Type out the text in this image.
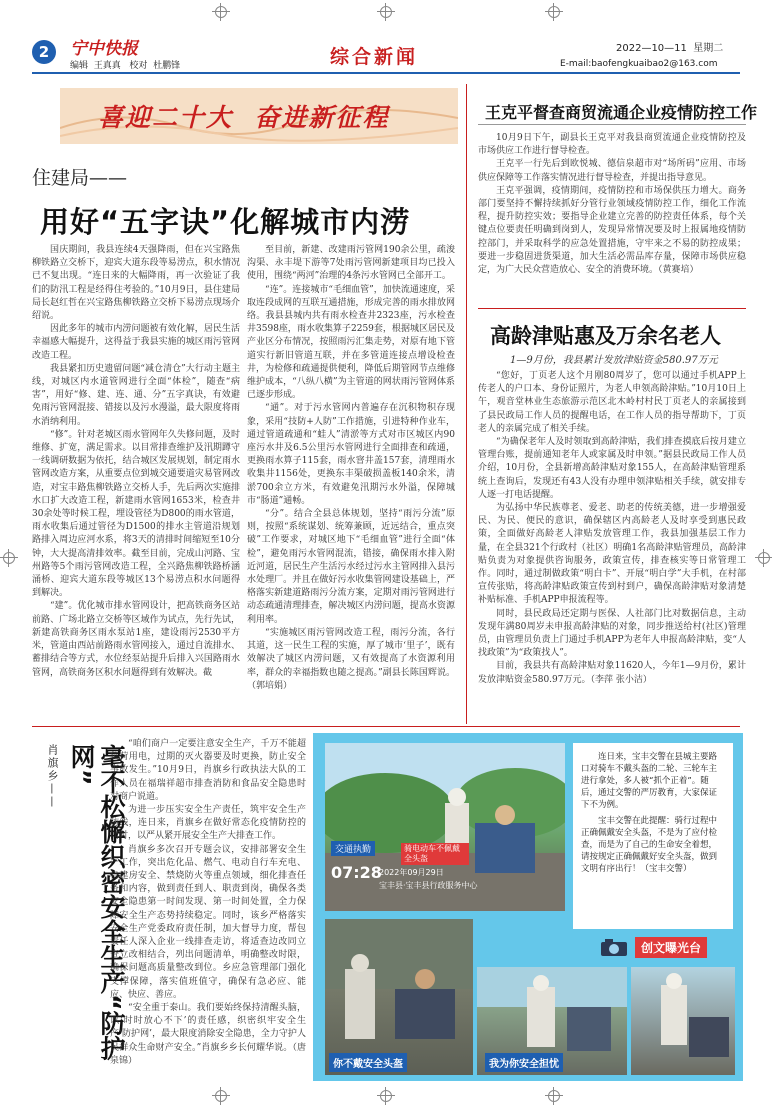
2	宁中快报
编辑 王真真 校对 杜鹏锋	综合新闻	2022—10—11 星期二
E-mail:baofengkuaibao2@163.com
喜迎二十大  奋进新征程
住建局——
用好“五字诀”化解城市内涝

国庆期间，我县连续4天强降雨，但在兴宝路焦柳铁路立交桥下，迎宾大道东段等易涝点，积水情况已不复出现。“连日来的大幅降雨，再一次验证了我们的防汛工程是经得住考验的。”10月9日，县住建局局长赵红哲在兴宝路焦柳铁路立交桥下易涝点现场介绍说。

因此多年的城市内涝问题被有效化解，居民生活幸福感大幅提升，这得益于我县实施的城区雨污管网改造工程。

我县紧扣历史遗留问题“减仓清仓”大行动主题主线，对城区内水道管网进行全面“体检”，随查“病害”，用好“修、建、连、通、分”五字真诀，有效避免雨污管网混接、错接以及污水漫溢，最大限度将雨水消纳利用。

“修”。针对老城区雨水管网年久失修问题，及时维修、扩宽，满足需求。以目常排查维护及汛期蹲守一线调研数据为依托，结合城区发展规划，制定雨水管网改造方案，从重要点位到城交通要道灾易管网改造，对宝丰路焦柳铁路立交桥人手，先后两次实施排水口扩大改造工程，新建雨水管网1653米，检查井30余处等时候工程，埋设管径为D800的雨水管道，雨水收集后通过管径为D1500的排水主管道沿规划路排入周边应河水系，将3天的清排时间缩短至10分钟，大大提高清排效率。截至目前，完成山河路、宝州路等5个雨污管网改造工程，全兴路焦柳铁路桥涵涌桥、迎宾大道东段等城区13个易涝点积水问题得到解决。

“建”。优化城市排水管网设计，把高铁商务区站前路、广场北路立交桥等区域作为试点，先行先试，新建高铁商务区雨水泵站1座，建设雨污2530平方米，管道由西站前路雨水管网接入，通过自流排水、蓄排结合等方式，水位经泵站提升后排入兴国路雨水管网，高铁商务区积水问题得到有效解决。截

至目前，新建、改建雨污管网190余公里，疏浚沟渠、永丰堤下游等7处雨污管网新建项目均已投入使用，围绕“两河”治理的4条污水管网已全部开工。

“连”。连接城市“毛细血管”，加快流通速度，采取连段成网的互联互通措施，形成完善的雨水排放网络。我县县城内共有雨水检查井2323座，污水检查井3598座，雨水收集算子2259套，根据城区居民及产业区分布情况，按照雨污汇集走势，对原有地下管道实行新旧管道互联，并在多管道连接点增设检查井，为检修和疏通提供便利，降低后期管网节点维修维护成本，“八纵八横”为主管道的网状雨污管网体系已逐步形成。

“通”。对于污水管网内普遍存在沉积物积存现象，采用“技防+人防”工作措施，引进特种作业车，通过管道疏通和“蛙人”清淤等方式对市区城区内90座污水井及6.5公里污水管网进行全面排查和疏通，更换雨水算子115套，雨水窨井盖157套，清理雨水收集井1156处，更换东丰渠破损盖板140余米，清淤700余立方米，有效避免汛期污水外溢，保障城市“肠道”通畅。

“分”。结合全县总体规划，坚持“雨污分流”原则，按照“系统谋划、统筹兼顾，近远结合，重点突破”工作要求，对城区地下“毛细血管”进行全面“体检”，避免雨污水管网混流，错接，确保雨水排入附近河道，居民生产生活污水经过污水主管网排入县污水处理厂。并且在做好污水收集管网建设基础上，严格落实新建道路雨污分流方案，定期对雨污管网进行动态疏通清理排查，解决城区内涝问题，提高水资源利用率。

“实施城区雨污管网改造工程，雨污分流，各行其道，这一民生工程的实施，厚了城市‘里子’，既有效解决了城区内涝问题，又有效提高了水资源利用率，群众的幸福指数也随之提高。”副县长陈国辉说。（郭培娟）

王克平督查商贸流通企业疫情防控工作

10月9日下午，副县长王克平对我县商贸流通企业疫情防控及市场供应工作进行督导检查。

王克平一行先后到欧悦城、德信泉超市对“场所码”应用、市场供应保障等工作落实情况进行督导检查，并提出指导意见。

王克平强调，疫情期间，疫情防控和市场保供压力增大。商务部门要坚持不懈持续抓好分管行业领域疫情防控工作，细化工作流程，提升防控实效；要指导企业建立完善的防控责任体系，每个关键点位要责任明确到岗到人，发现异常情况要及时上报属地疫情防控部门，并采取科学的应急处置措施，守牢来之不易的防控成果；要进一步稳固进货渠道，加大生活必需品库存量，保障市场供应稳定，为广大民众营造放心、安全的消费环境。（黄赛培）

高龄津贴惠及万余名老人
1—9月份，我县累计发放津贴资金580.97万元

“您好，丁页老人这个月刚80周岁了，您可以通过手机APP上传老人的户口本、身份证照片，为老人申领高龄津贴。”10月10日上午，观音堂林业生态旅游示范区北木岭村村民丁页老人的亲属接到了县民政局工作人员的提醒电话，在工作人员的指导帮助下，丁页老人的亲属完成了相关手续。

“为确保老年人及时领取到高龄津贴，我们排查摸底后按月建立管理台账，提前通知老年人或家属及时申领。”据县民政局工作人员介绍，10月份，全县新增高龄津贴对象155人，在高龄津贴管理系统上查询后，发现还有43人没有办理申领津贴相关手续，就安排专人逐一打电话提醒。

为弘扬中华民族尊老、爱老、助老的传统美德，进一步增强爱民、为民、便民的意识，确保辖区内高龄老人及时享受到惠民政策，全面做好高龄老人津贴发放管理工作，我县加强基层工作力量，在全县321个行政村（社区）明确1名高龄津贴管理员，高龄津贴负责为对象提供咨询服务，政策宣传，排查核实等日常管理工作。同时，通过制做政策“明白卡”、开展“明白学”大手机，在村部宣传张贴，将高龄津贴政策宣传到村到户，确保高龄津贴对象清楚补贴标准、手机APP申报流程等。

同时，县民政局还定期与医保、人社部门比对数据信息，主动发现年满80周岁未申报高龄津贴的对象，同步推送给村(社区)管理员，由管理员负责上门通过手机APP为老年人申报高龄津贴，变“人找政策”为“政策找人”。

目前，我县共有高龄津贴对象11620人，今年1—9月份，累计发放津贴资金580.97万元。（李萍 张小洁）

肖旗乡——	毫不松懈织密安全生产“防护网”	“咱们商户一定要注意安全生产，千万不能超负荷用电，过期的灭火器要及时更换，防止安全事故发生。”10月9日，肖旗乡行政执法大队的工作人员在福瑞祥超市排查消防和食品安全隐患时对商户说道。

为进一步压实安全生产责任，筑牢安全生产防线，连日来，肖旗乡在做好常态化疫情防控的同时，以严从紧开展安全生产大排查工作。

肖旗乡多次召开专题会议，安排部署安全生产工作，突出危化品、燃气、电动自行车充电、自建房安全、禁烧防火等重点领域，细化排查任务和内容，做到责任到人、职责到岗，确保各类安全隐患第一时间发现、第一时间处置，全力保障安全生产态势持续稳定。同时，该乡严格落实安全生产党委政府责任制，加大督导力度，帮包责任人深入企业一线排查走访，将适查边改同立查立改相结合，列出问题清单，明确整改时限，确保问题高质量整改到位。乡应急管理部门强化支撑保障，落实值班值守，确保有急必应、能应、快应、善应。

“安全重于泰山。我们要始终保持清醒头脑，以‘时时放心不下’的责任感，织密织牢安全生产‘防护网’，最大限度消除安全隐患，全力守护人民群众生命财产安全。”肖旗乡乡长何耀华说。（唐泉锦）

交通执勤	骑电动车不佩戴全头盔
07:28
2022年09月29日
宝丰县·宝丰县行政服务中心

连日来，宝丰交警在县城主要路口对骑车不戴头盔的二轮、三轮车主进行拿处，多人被“抓个正着”。随后，通过交警的严厉教育，大家保证下不为例。

宝丰交警在此提醒：骑行过程中正确佩戴安全头盔，不是为了应付检查，而是为了自己的生命安全着想，请按规定正确佩戴好安全头盔，做到文明有序出行！（宝丰交警）

创文曝光台
你不戴安全头盔	我为你安全担忧
